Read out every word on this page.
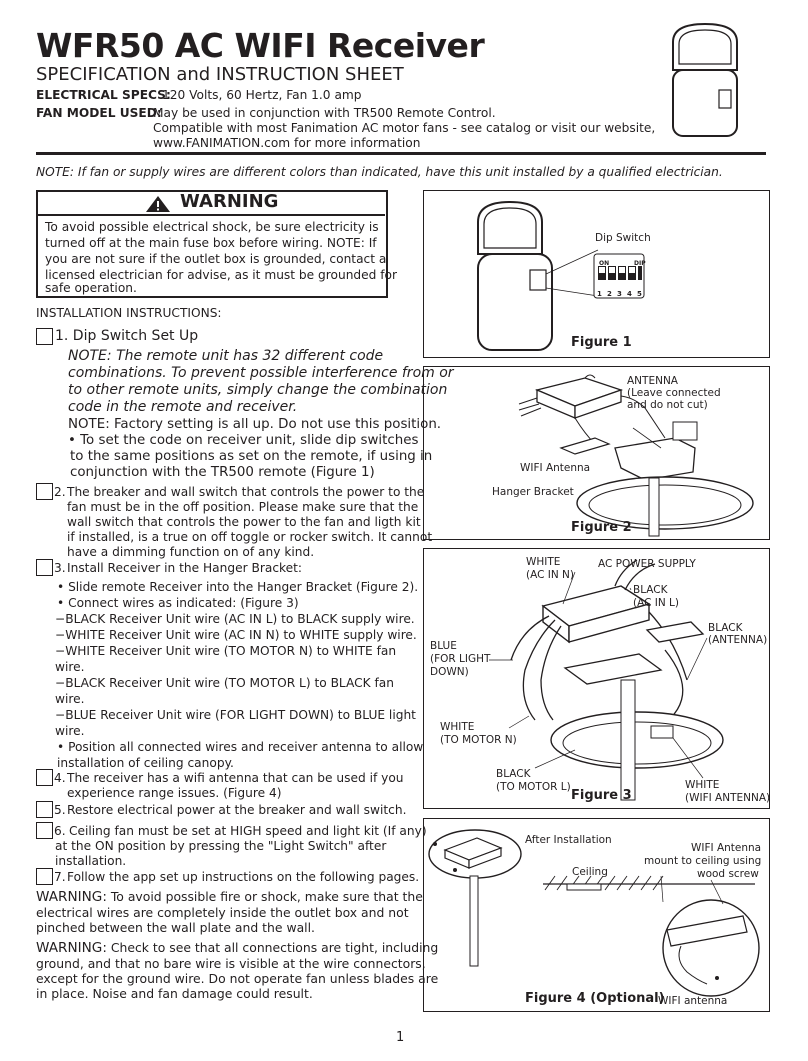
WFR50 AC WIFI Receiver
SPECIFICATION and INSTRUCTION SHEET
ELECTRICAL SPECS:
120 Volts, 60 Hertz, Fan 1.0 amp
FAN MODEL USED:
May be used in conjunction with TR500 Remote Control.
Compatible with most Fanimation AC motor fans - see catalog or visit our website,
www.FANIMATION.com for more information
NOTE: If fan or supply wires are different colors than indicated, have this unit installed by a qualified electrician.
WARNING
To avoid possible electrical shock, be sure electricity is
turned off at the main fuse box before wiring. NOTE: If
you are not sure if the outlet box is grounded, contact a
licensed electrician for advise, as it must be grounded for
safe operation.
INSTALLATION INSTRUCTIONS:
1. Dip Switch Set Up
NOTE: The remote unit has 32 different code
combinations. To prevent possible interference from or
to other remote units, simply change the combination
code in the remote and receiver.
NOTE: Factory setting is all up. Do not use this position.
• To set the code on receiver unit, slide dip switches
to the same positions as set on the remote, if using in
conjunction with the TR500 remote (Figure 1)
2. The breaker and wall switch that controls the power to the
fan must be in the off position. Please make sure that the
wall switch that controls the power to the fan and ligth kit
if installed, is a true on off toggle or rocker switch. It cannot
have a dimming function on of any kind.
3. Install Receiver in the Hanger Bracket:
• Slide remote Receiver into the Hanger Bracket (Figure 2).
• Connect wires as indicated: (Figure 3)
−BLACK Receiver Unit wire (AC IN L) to BLACK supply wire.
−WHITE Receiver Unit wire (AC IN N) to WHITE supply wire.
−WHITE Receiver Unit wire (TO MOTOR N) to WHITE fan
wire.
−BLACK Receiver Unit wire (TO MOTOR L) to BLACK fan
wire.
−BLUE Receiver Unit wire (FOR LIGHT DOWN) to BLUE light
wire.
• Position all connected wires and receiver antenna to allow
installation of ceiling canopy.
4. The receiver has a wifi antenna that can be used if you
experience range issues. (Figure 4)
5. Restore electrical power at the breaker and wall switch.
6. Ceiling fan must be set at HIGH speed and light kit (If any)
at the ON position by pressing the "Light Switch" after
installation.
7. Follow the app set up instructions on the following pages.
WARNING: To avoid possible fire or shock, make sure that the
electrical wires are completely inside the outlet box and not
pinched between the wall plate and the wall.
WARNING: Check to see that all connections are tight, including
ground, and that no bare wire is visible at the wire connectors,
except for the ground wire. Do not operate fan unless blades are
in place. Noise and fan damage could result.
Dip Switch
ON	DIP
1 2 3 4 5
Figure 1
ANTENNA
(Leave connected
and do not cut)
WIFI Antenna
Hanger Bracket
Figure 2
WHITE
(AC IN N)
AC POWER SUPPLY
BLACK
(AC IN L)
BLACK
(ANTENNA)
BLUE
(FOR LIGHT
DOWN)
WHITE
(TO MOTOR N)
BLACK
(TO MOTOR L)	WHITE
(WIFI ANTENNA)
Figure 3
After Installation
WIFI Antenna
mount to ceiling using
wood screw
Ceiling
WIFI antenna
Figure 4 (Optional)
1
